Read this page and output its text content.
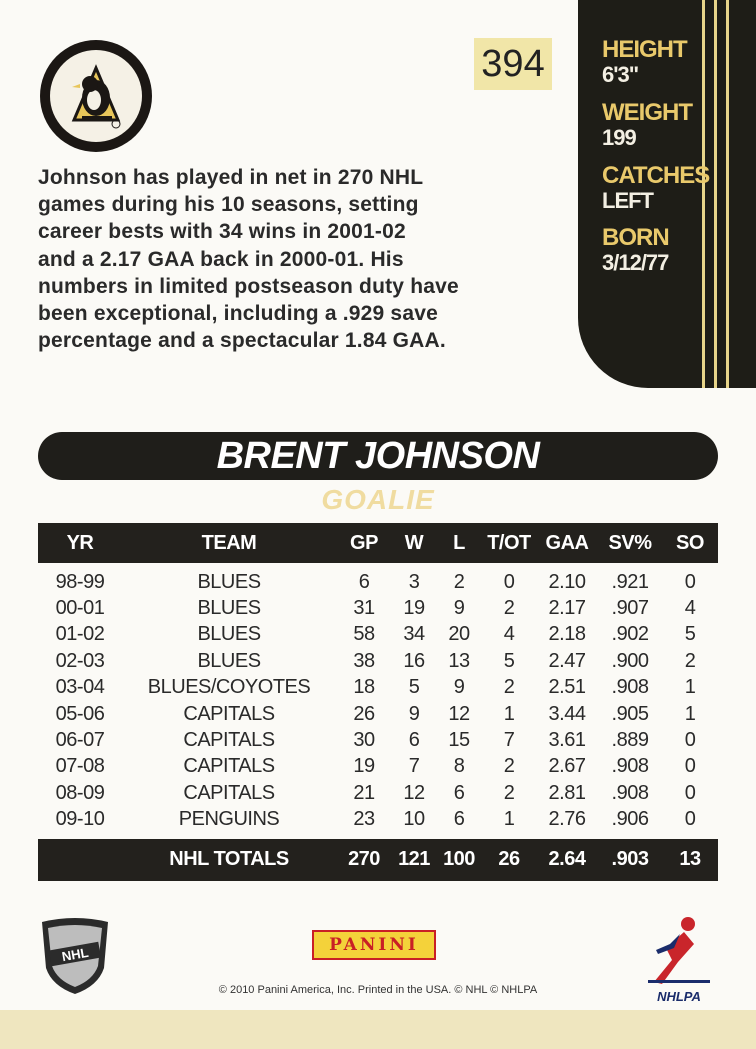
394	HEIGHT
6'3"
WEIGHT
199
CATCHES
LEFT
BORN
3/12/77
Johnson has played in net in 270 NHL
games during his 10 seasons, setting
career bests with 34 wins in 2001-02
and a 2.17 GAA back in 2000-01. His
numbers in limited postseason duty have
been exceptional, including a .929 save
percentage and a spectacular 1.84 GAA.
BRENT JOHNSON
GOALIE
YR	TEAM	GP	W	L	T/OT	GAA	SV%	SO
98-99	BLUES	6	3	2	0	2.10	.921	0
00-01	BLUES	31	19	9	2	2.17	.907	4
01-02	BLUES	58	34	20	4	2.18	.902	5
02-03	BLUES	38	16	13	5	2.47	.900	2
03-04	BLUES/COYOTES	18	5	9	2	2.51	.908	1
05-06	CAPITALS	26	9	12	1	3.44	.905	1
06-07	CAPITALS	30	6	15	7	3.61	.889	0
07-08	CAPITALS	19	7	8	2	2.67	.908	0
08-09	CAPITALS	21	12	6	2	2.81	.908	0
09-10	PENGUINS	23	10	6	1	2.76	.906	0
	NHL TOTALS	270	121	100	26	2.64	.903	13
NHL	PANINI
NHLPA
© 2010 Panini America, Inc. Printed in the USA. © NHL © NHLPA
